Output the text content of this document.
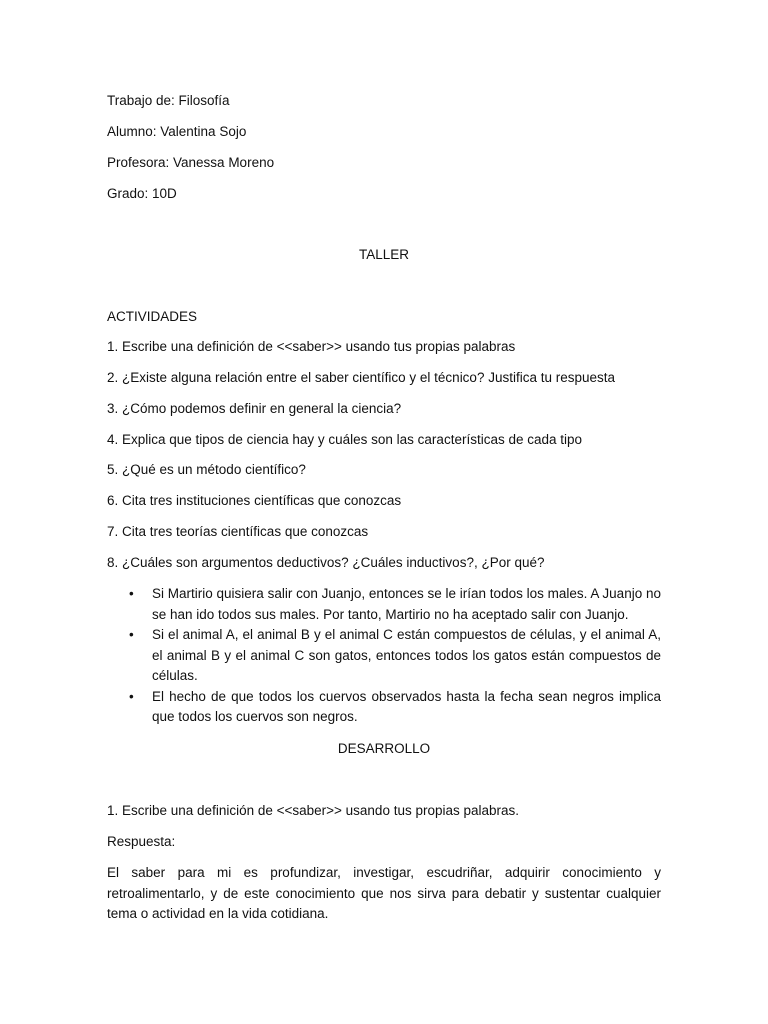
Trabajo de: Filosofía
Alumno: Valentina Sojo
Profesora: Vanessa Moreno
Grado: 10D
TALLER
ACTIVIDADES
1. Escribe una definición de <<saber>> usando tus propias palabras
2. ¿Existe alguna relación entre el saber científico y el técnico? Justifica tu respuesta
3. ¿Cómo podemos definir en general la ciencia?
4. Explica que tipos de ciencia hay y cuáles son las características de cada tipo
5. ¿Qué es un método científico?
6. Cita tres instituciones científicas que conozcas
7. Cita tres teorías científicas que conozcas
8. ¿Cuáles son argumentos deductivos? ¿Cuáles inductivos?, ¿Por qué?
• Si Martirio quisiera salir con Juanjo, entonces se le irían todos los males. A Juanjo no se han ido todos sus males. Por tanto, Martirio no ha aceptado salir con Juanjo.
• Si el animal A, el animal B y el animal C están compuestos de células, y el animal A, el animal B y el animal C son gatos, entonces todos los gatos están compuestos de células.
• El hecho de que todos los cuervos observados hasta la fecha sean negros implica que todos los cuervos son negros.
DESARROLLO
1. Escribe una definición de <<saber>> usando tus propias palabras.
Respuesta:
El saber para mi es profundizar, investigar, escudriñar, adquirir conocimiento y retroalimentarlo, y de este conocimiento que nos sirva para debatir y sustentar cualquier tema o actividad en la vida cotidiana.
